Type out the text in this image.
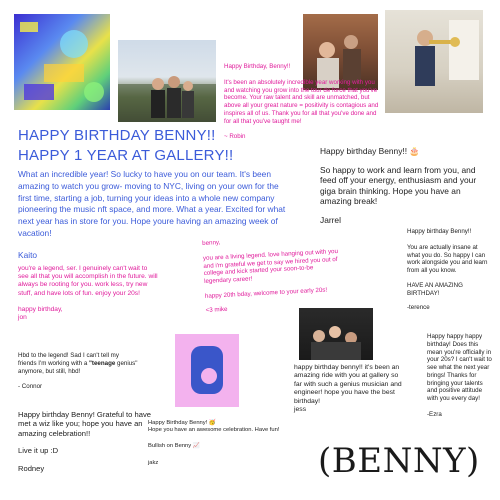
HAPPY BIRTHDAY BENNY!!
HAPPY 1 YEAR AT GALLERY!!

What an incredible year! So lucky to have you on our team. It's been amazing to watch you grow- moving to NYC, living on your own for the first time, starting a job, turning your ideas into a whole new company pioneering the music nft space, and more. What a year. Excited for what next year has in store for you. Hope youre having an amazing week of vacation!

Kaito

Happy Birthday, Benny!!

It's been an absolutely incredible year working with you and watching you grow into the tour de force that you've become. Your raw talent and skill are unmatched, but above all your great nature = positivity is contagious and inspires all of us. Thank you for all that you've done and for all that you've taught me!

~ Robin

Happy birthday Benny!! 🎂

So happy to work and learn from you, and feed off your energy, enthusiasm and your giga brain thinking. Hope you have an amazing break!

Jarrel

you're a legend, ser. I genuinely can't wait to see all that you will accomplish in the future. will always be rooting for you. work less, try new stuff, and have lots of fun. enjoy your 20s!

happy birthday,

jon

benny,

you are a living legend. love hanging out with you and i'm grateful we get to say we hired you out of college and kick started your soon-to-be legendary career!

happy 20th bday, welcome to your early 20s!

<3 mike

Happy birthday Benny!!

You are actually insane at what you do. So happy I can work alongside you and learn from all you know.

HAVE AN AMAZING BIRTHDAY!

-terence

Hbd to the legend! Sad I can't tell my friends I'm working with a "teenage genius" anymore, but still, hbd!

- Connor

Happy birthday Benny! Grateful to have met a wiz like you; hope you have an amazing celebration!!

Live it up :D

Rodney

Happy Birthday Benny! 🥳

Hope you have an awesome celebration. Have fun!

Bullish on Benny 📈

jakz

happy birthday benny!! it's been an amazing ride with you at gallery so far with such a genius musician and engineer! hope you have the best birthday!

jess

Happy happy happy birthday! Does this mean you're officially in your 20s? I can't wait to see what the next year brings! Thanks for bringing your talents and positive attitude with you every day!

-Ezra

(BENNY)
